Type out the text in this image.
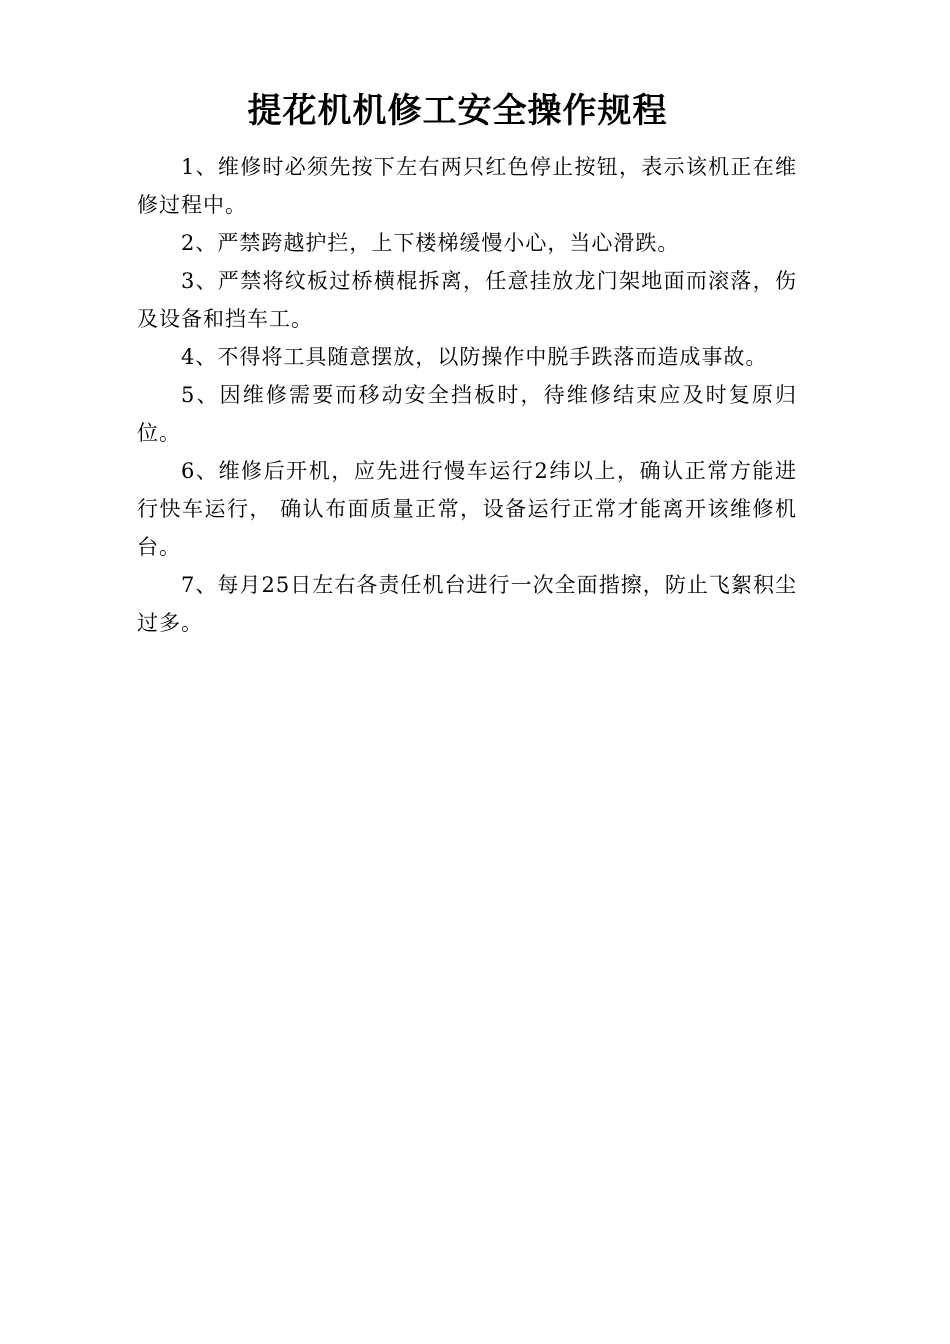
提花机机修工安全操作规程

1、维修时必须先按下左右两只红色停止按钮，表示该机正在维修过程中。

2、严禁跨越护拦，上下楼梯缓慢小心，当心滑跌。

3、严禁将纹板过桥横棍拆离，任意挂放龙门架地面而滚落，伤及设备和挡车工。

4、不得将工具随意摆放，以防操作中脱手跌落而造成事故。

5、因维修需要而移动安全挡板时，待维修结束应及时复原归位。

6、维修后开机，应先进行慢车运行2纬以上，确认正常方能进行快车运行， 确认布面质量正常，设备运行正常才能离开该维修机台。

7、每月25日左右各责任机台进行一次全面揩擦，防止飞絮积尘过多。
